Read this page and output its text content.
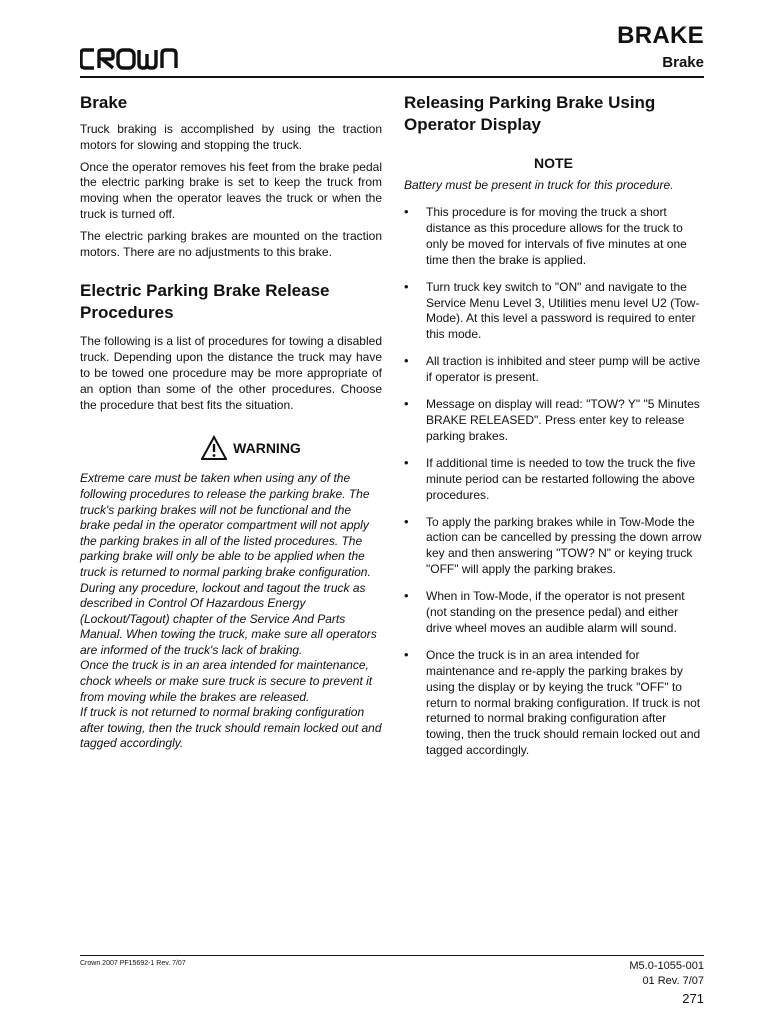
BRAKE
Brake
Brake

Truck braking is accomplished by using the traction motors for slowing and stopping the truck.

Once the operator removes his feet from the brake pedal the electric parking brake is set to keep the truck from moving when the operator leaves the truck or when the truck is turned off.

The electric parking brakes are mounted on the traction motors. There are no adjustments to this brake.

Electric Parking Brake Release Procedures

The following is a list of procedures for towing a disabled truck. Depending upon the distance the truck may have to be towed one procedure may be more appropriate of an option than some of the other procedures. Choose the procedure that best fits the situation.

WARNING

Extreme care must be taken when using any of the following procedures to release the parking brake. The truck's parking brakes will not be functional and the brake pedal in the operator compartment will not apply the parking brakes in all of the listed procedures. The parking brake will only be able to be applied when the truck is returned to normal parking brake configuration. During any procedure, lockout and tagout the truck as described in Control Of Hazardous Energy (Lockout/Tagout) chapter of the Service And Parts Manual. When towing the truck, make sure all operators are informed of the truck's lack of braking.

Once the truck is in an area intended for maintenance, chock wheels or make sure truck is secure to prevent it from moving while the brakes are released.

If truck is not returned to normal braking configuration after towing, then the truck should remain locked out and tagged accordingly.

Releasing Parking Brake Using Operator Display
NOTE

Battery must be present in truck for this procedure.

• This procedure is for moving the truck a short distance as this procedure allows for the truck to only be moved for intervals of five minutes at one time then the brake is applied.
• Turn truck key switch to "ON" and navigate to the Service Menu Level 3, Utilities menu level U2 (Tow-Mode). At this level a password is required to enter this mode.
• All traction is inhibited and steer pump will be active if operator is present.
• Message on display will read: "TOW? Y" "5 Minutes BRAKE RELEASED". Press enter key to release parking brakes.
• If additional time is needed to tow the truck the five minute period can be restarted following the above procedures.
• To apply the parking brakes while in Tow-Mode the action can be cancelled by pressing the down arrow key and then answering "TOW? N" or keying truck "OFF" will apply the parking brakes.
• When in Tow-Mode, if the operator is not present (not standing on the presence pedal) and either drive wheel moves an audible alarm will sound.
• Once the truck is in an area intended for maintenance and re-apply the parking brakes by using the display or by keying the truck "OFF" to return to normal braking configuration. If truck is not returned to normal braking configuration after towing, then the truck should remain locked out and tagged accordingly.
Crown 2007 PF15692-1 Rev. 7/07	M5.0-1055-001
01 Rev. 7/07
271
